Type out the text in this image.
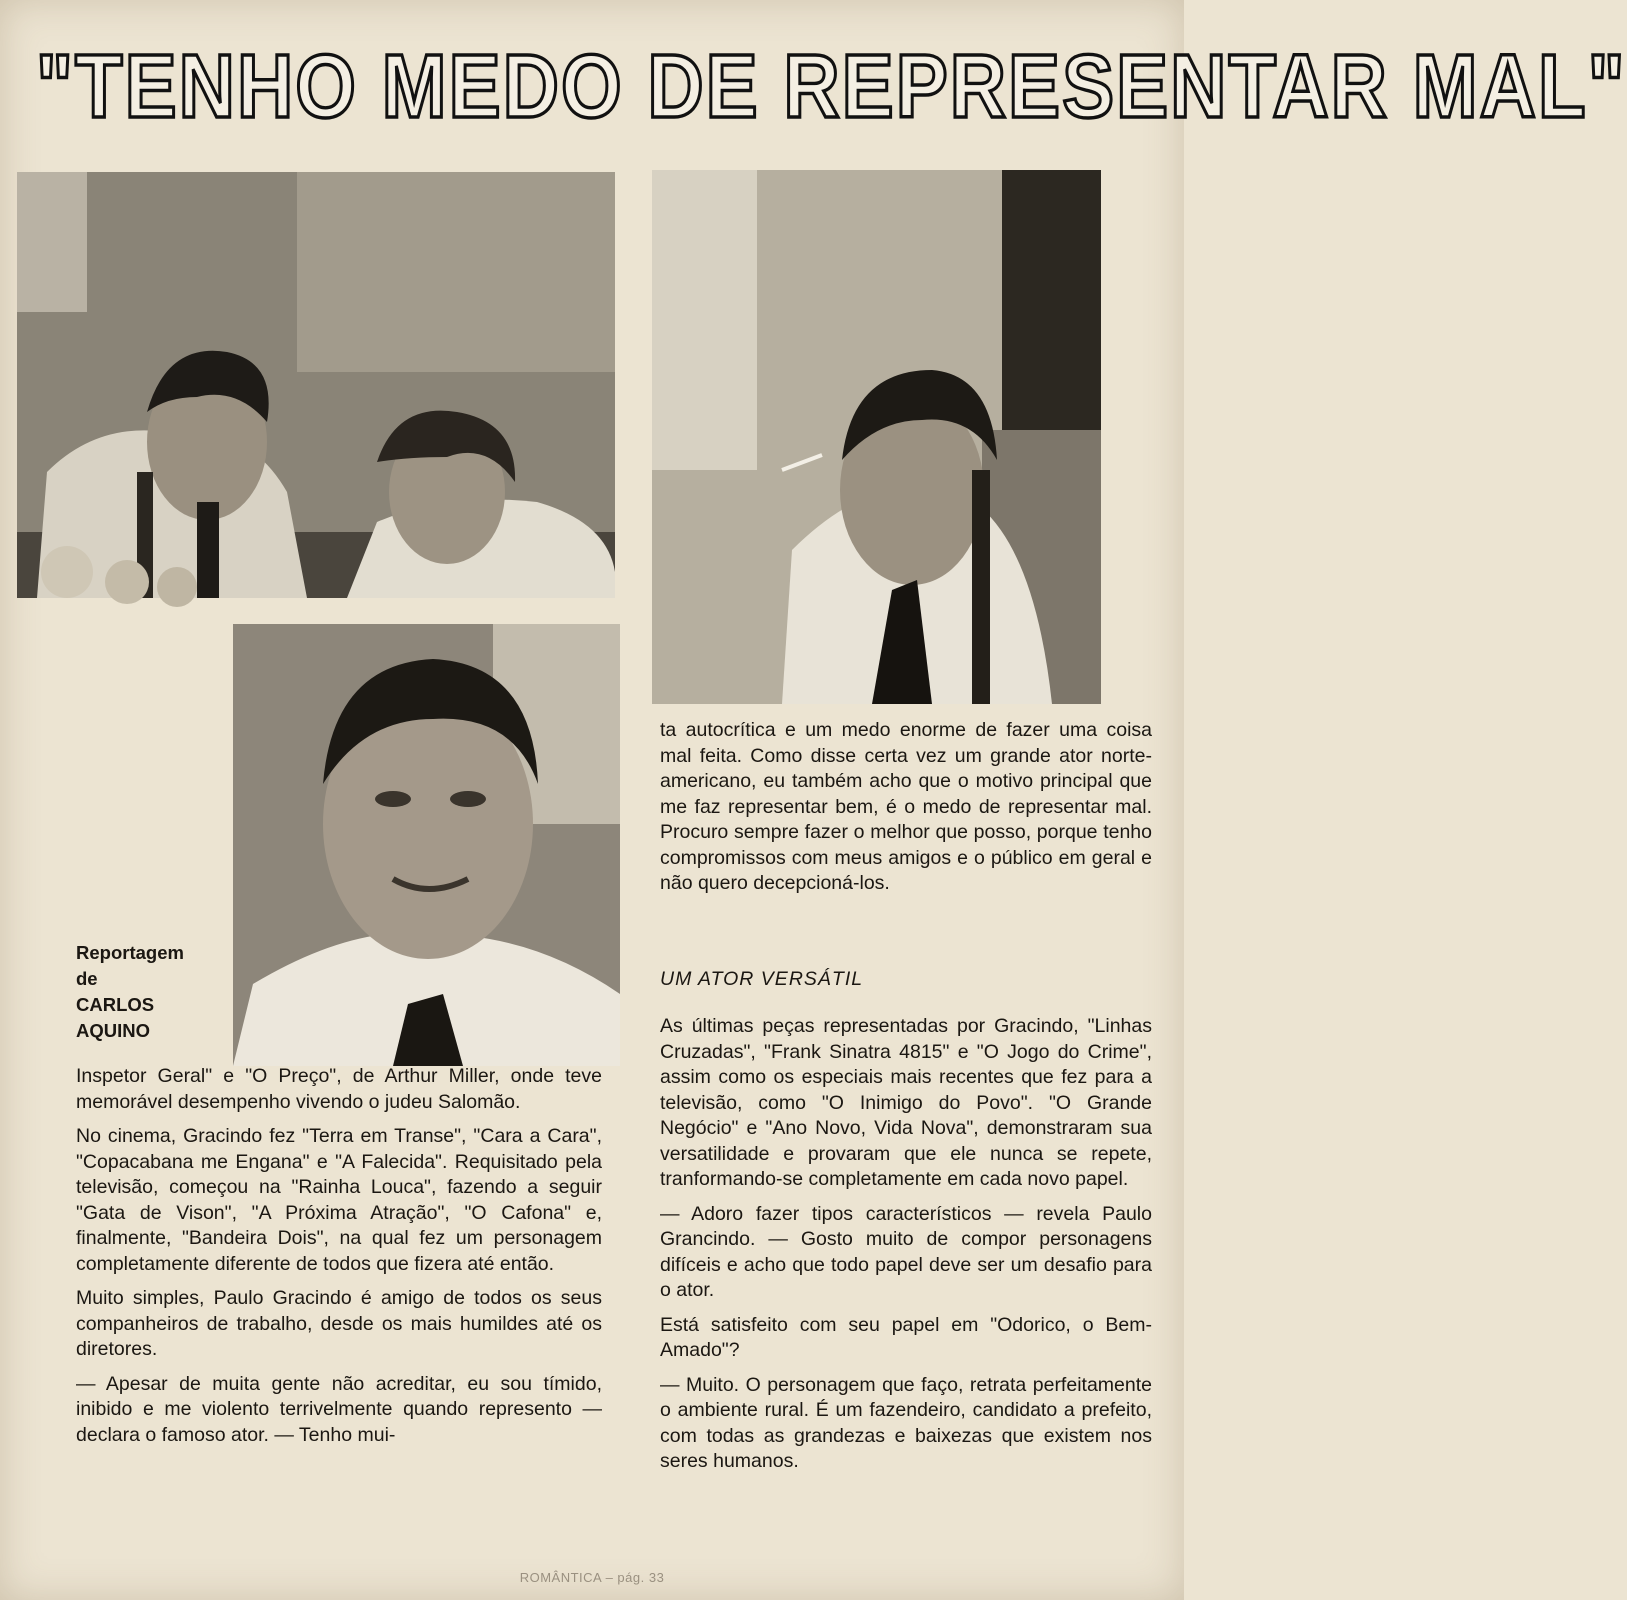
"TENHO MEDO DE REPRESENTAR MAL"
Reportagem
de
CARLOS
AQUINO

Inspetor Geral" e "O Preço", de Arthur Miller, onde teve memorável desempenho vivendo o judeu Salomão.

No cinema, Gracindo fez "Terra em Transe", "Cara a Cara", "Copacabana me Engana" e "A Falecida". Requisitado pela televisão, começou na "Rainha Louca", fazendo a seguir "Gata de Vison", "A Próxima Atração", "O Cafona" e, finalmente, "Bandeira Dois", na qual fez um personagem completamente diferente de todos que fizera até então.

Muito simples, Paulo Gracindo é amigo de todos os seus companheiros de trabalho, desde os mais humildes até os diretores.

— Apesar de muita gente não acreditar, eu sou tímido, inibido e me violento terrivelmente quando represento — declara o famoso ator. — Tenho mui-

ta autocrítica e um medo enorme de fazer uma coisa mal feita. Como disse certa vez um grande ator norte-americano, eu também acho que o motivo principal que me faz representar bem, é o medo de representar mal. Procuro sempre fazer o melhor que posso, porque tenho compromissos com meus amigos e o público em geral e não quero decepcioná-los.

UM ATOR VERSÁTIL

As últimas peças representadas por Gracindo, "Linhas Cruzadas", "Frank Sinatra 4815" e "O Jogo do Crime", assim como os especiais mais recentes que fez para a televisão, como "O Inimigo do Povo". "O Grande Negócio" e "Ano Novo, Vida Nova", demonstraram sua versatilidade e provaram que ele nunca se repete, tranformando-se completamente em cada novo papel.

— Adoro fazer tipos característicos — revela Paulo Grancindo. — Gosto muito de compor personagens difíceis e acho que todo papel deve ser um desafio para o ator.

Está satisfeito com seu papel em "Odorico, o Bem-Amado"?

— Muito. O personagem que faço, retrata perfeitamente o ambiente rural. É um fazendeiro, candidato a prefeito, com todas as grandezas e baixezas que existem nos seres humanos.

ROMÂNTICA – pág. 33
